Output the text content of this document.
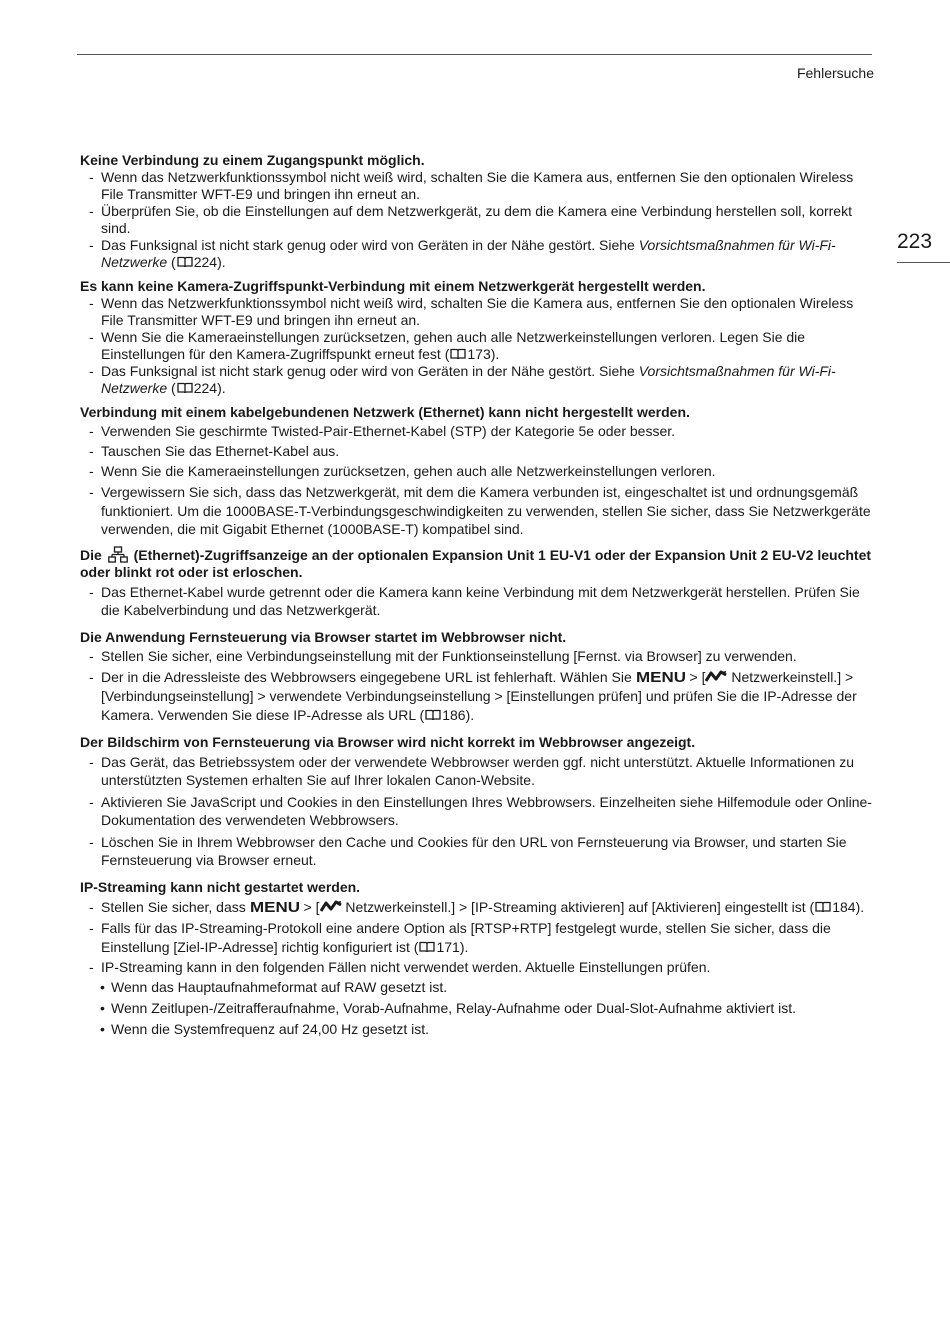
Fehlersuche
223
Keine Verbindung zu einem Zugangspunkt möglich.
- Wenn das Netzwerkfunktionssymbol nicht weiß wird, schalten Sie die Kamera aus, entfernen Sie den optionalen Wireless File Transmitter WFT-E9 und bringen ihn erneut an.
- Überprüfen Sie, ob die Einstellungen auf dem Netzwerkgerät, zu dem die Kamera eine Verbindung herstellen soll, korrekt sind.
- Das Funksignal ist nicht stark genug oder wird von Geräten in der Nähe gestört. Siehe Vorsichtsmaßnahmen für Wi-Fi-Netzwerke ( 224).
Es kann keine Kamera-Zugriffspunkt-Verbindung mit einem Netzwerkgerät hergestellt werden.
- Wenn das Netzwerkfunktionssymbol nicht weiß wird, schalten Sie die Kamera aus, entfernen Sie den optionalen Wireless File Transmitter WFT-E9 und bringen ihn erneut an.
- Wenn Sie die Kameraeinstellungen zurücksetzen, gehen auch alle Netzwerkeinstellungen verloren. Legen Sie die Einstellungen für den Kamera-Zugriffspunkt erneut fest ( 173).
- Das Funksignal ist nicht stark genug oder wird von Geräten in der Nähe gestört. Siehe Vorsichtsmaßnahmen für Wi-Fi-Netzwerke ( 224).
Verbindung mit einem kabelgebundenen Netzwerk (Ethernet) kann nicht hergestellt werden.
- Verwenden Sie geschirmte Twisted-Pair-Ethernet-Kabel (STP) der Kategorie 5e oder besser.
- Tauschen Sie das Ethernet-Kabel aus.
- Wenn Sie die Kameraeinstellungen zurücksetzen, gehen auch alle Netzwerkeinstellungen verloren.
- Vergewissern Sie sich, dass das Netzwerkgerät, mit dem die Kamera verbunden ist, eingeschaltet ist und ordnungsgemäß funktioniert. Um die 1000BASE-T-Verbindungsgeschwindigkeiten zu verwenden, stellen Sie sicher, dass Sie Netzwerkgeräte verwenden, die mit Gigabit Ethernet (1000BASE-T) kompatibel sind.
Die  (Ethernet)-Zugriffsanzeige an der optionalen Expansion Unit 1 EU-V1 oder der Expansion Unit 2 EU-V2 leuchtet oder blinkt rot oder ist erloschen.
- Das Ethernet-Kabel wurde getrennt oder die Kamera kann keine Verbindung mit dem Netzwerkgerät herstellen. Prüfen Sie die Kabelverbindung und das Netzwerkgerät.
Die Anwendung Fernsteuerung via Browser startet im Webbrowser nicht.
- Stellen Sie sicher, eine Verbindungseinstellung mit der Funktionseinstellung [Fernst. via Browser] zu verwenden.
- Der in die Adressleiste des Webbrowsers eingegebene URL ist fehlerhaft. Wählen Sie MENU > [ Netzwerkeinstell.] > [Verbindungseinstellung] > verwendete Verbindungseinstellung > [Einstellungen prüfen] und prüfen Sie die IP-Adresse der Kamera. Verwenden Sie diese IP-Adresse als URL ( 186).
Der Bildschirm von Fernsteuerung via Browser wird nicht korrekt im Webbrowser angezeigt.
- Das Gerät, das Betriebssystem oder der verwendete Webbrowser werden ggf. nicht unterstützt. Aktuelle Informationen zu unterstützten Systemen erhalten Sie auf Ihrer lokalen Canon-Website.
- Aktivieren Sie JavaScript und Cookies in den Einstellungen Ihres Webbrowsers. Einzelheiten siehe Hilfemodule oder Online-Dokumentation des verwendeten Webbrowsers.
- Löschen Sie in Ihrem Webbrowser den Cache und Cookies für den URL von Fernsteuerung via Browser, und starten Sie Fernsteuerung via Browser erneut.
IP-Streaming kann nicht gestartet werden.
- Stellen Sie sicher, dass MENU > [ Netzwerkeinstell.] > [IP-Streaming aktivieren] auf [Aktivieren] eingestellt ist ( 184).
- Falls für das IP-Streaming-Protokoll eine andere Option als [RTSP+RTP] festgelegt wurde, stellen Sie sicher, dass die Einstellung [Ziel-IP-Adresse] richtig konfiguriert ist ( 171).
- IP-Streaming kann in den folgenden Fällen nicht verwendet werden. Aktuelle Einstellungen prüfen.
• Wenn das Hauptaufnahmeformat auf RAW gesetzt ist.
• Wenn Zeitlupen-/Zeitrafferaufnahme, Vorab-Aufnahme, Relay-Aufnahme oder Dual-Slot-Aufnahme aktiviert ist.
• Wenn die Systemfrequenz auf 24,00 Hz gesetzt ist.
